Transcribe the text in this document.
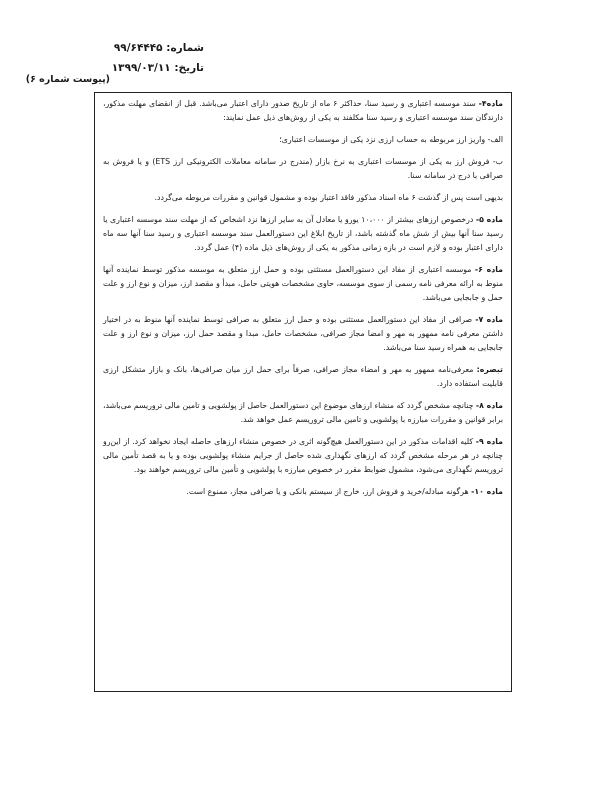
شماره: ۹۹/۶۴۴۴۵
تاریخ: ۱۳۹۹/۰۳/۱۱
(پیوست شماره ۶)

ماده۴- سند موسسه اعتباری و رسید سنا، حداکثر ۶ ماه از تاریخ صدور دارای اعتبار می‌باشد. قبل از انقضای مهلت مذکور، دارندگان سند موسسه اعتباری و رسید سنا مکلفند به یکی از روش‌های ذیل عمل نمایند:

الف- واریز ارز مربوطه به حساب ارزی نزد یکی از موسسات اعتباری؛

ب- فروش ارز به یکی از موسسات اعتباری به نرخ بازار (مندرج در سامانه معاملات الکترونیکی ارز ETS) و یا فروش به صرافی با درج در سامانه سنا.

بدیهی است پس از گذشت ۶ ماه اسناد مذکور فاقد اعتبار بوده و مشمول قوانین و مقررات مربوطه می‌گردد.

ماده ۵- درخصوص ارزهای بیشتر از ۱۰،۰۰۰ یورو یا معادل آن به سایر ارزها نزد اشخاص که از مهلت سند موسسه اعتباری یا رسید سنا آنها بیش از شش ماه گذشته باشد، از تاریخ ابلاغ این دستورالعمل سند موسسه اعتباری و رسید سنا آنها سه ماه دارای اعتبار بوده و لازم است در بازه زمانی مذکور به یکی از روش‌های ذیل ماده (۴) عمل گردد.

ماده ۶- موسسه اعتباری از مفاد این دستورالعمل مستثنی بوده و حمل ارز متعلق به موسسه مذکور توسط نماینده آنها منوط به ارائه معرفی نامه رسمی از سوی موسسه، حاوی مشخصات هویتی حامل، مبدأ و مقصد ارز، میزان و نوع ارز و علت حمل و جابجایی می‌باشد.

ماده ۷- صرافی از مفاد این دستورالعمل مستثنی بوده و حمل ارز متعلق به صرافی توسط نماینده آنها منوط به در اختیار داشتن معرفی نامه ممهور به مهر و امضا مجاز صرافی، مشخصات حامل، مبدا و مقصد حمل ارز، میزان و نوع ارز و علت جابجایی به همراه رسید سنا می‌باشد.

تبصره: معرفی‌نامه ممهور به مهر و امضاء مجاز صرافی، صرفاً برای حمل ارز میان صرافی‌ها، بانک و بازار متشکل ارزی قابلیت استفاده دارد.

ماده ۸- چنانچه مشخص گردد که منشاء ارزهای موضوع این دستورالعمل حاصل از پولشویی و تامین مالی تروریسم می‌باشد، برابر قوانین و مقررات مبارزه با پولشویی و تامین مالی تروریسم عمل خواهد شد.

ماده ۹- کلیه اقدامات مذکور در این دستورالعمل هیچ‌گونه اثری در خصوص منشاء ارزهای حاصله ایجاد نخواهد کرد. از این‌رو چنانچه در هر مرحله مشخص گردد که ارزهای نگهداری شده حاصل از جرایم منشاء پولشویی بوده و یا به قصد تأمین مالی تروریسم نگهداری می‌شود، مشمول ضوابط مقرر در خصوص مبارزه با پولشویی و تأمین مالی تروریسم خواهند بود.

ماده ۱۰- هرگونه مبادله/خرید و فروش ارز، خارج از سیستم بانکی و یا صرافی مجاز، ممنوع است.
